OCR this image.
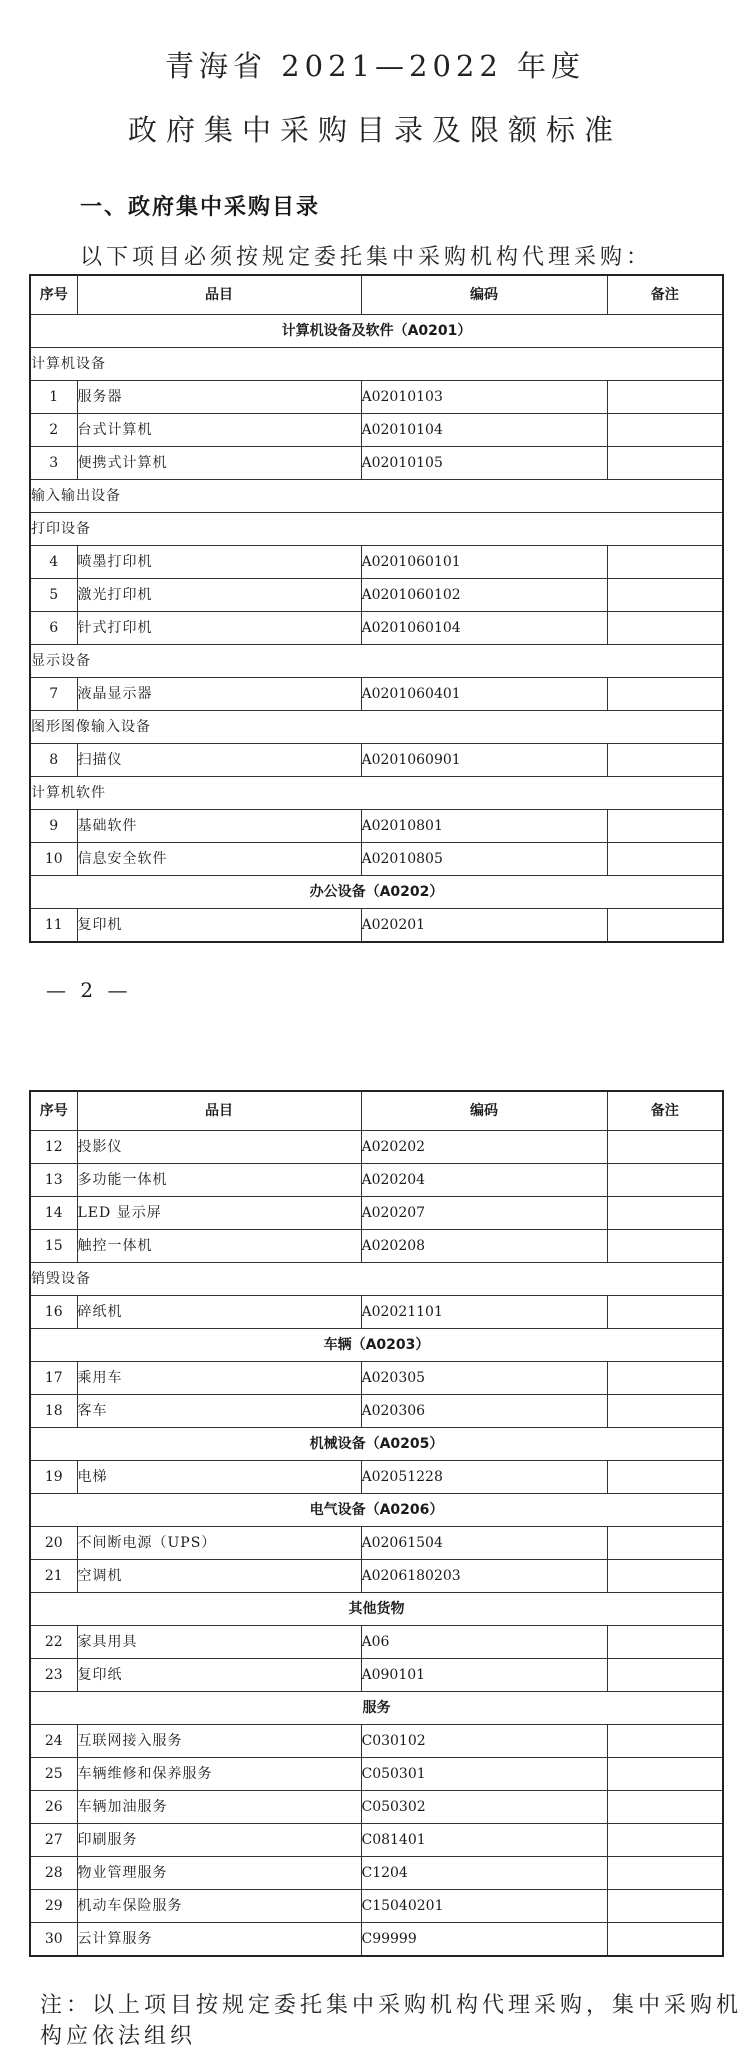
青海省 2021—2022 年度
政府集中采购目录及限额标准
一、政府集中采购目录
以下项目必须按规定委托集中采购机构代理采购：
序号	品目	编码	备注
计算机设备及软件（A0201）			
计算机设备			
1	服务器	A02010103	
2	台式计算机	A02010104	
3	便携式计算机	A02010105	
输入输出设备			
打印设备			
4	喷墨打印机	A0201060101	
5	激光打印机	A0201060102	
6	针式打印机	A0201060104	
显示设备			
7	液晶显示器	A0201060401	
图形图像输入设备			
8	扫描仪	A0201060901	
计算机软件			
9	基础软件	A02010801	
10	信息安全软件	A02010805	
办公设备（A0202）			
11	复印机	A020201	
— 2 —
序号	品目	编码	备注
12	投影仪	A020202	
13	多功能一体机	A020204	
14	LED 显示屏	A020207	
15	触控一体机	A020208	
销毁设备			
16	碎纸机	A02021101	
车辆（A0203）			
17	乘用车	A020305	
18	客车	A020306	
机械设备（A0205）			
19	电梯	A02051228	
电气设备（A0206）			
20	不间断电源（UPS）	A02061504	
21	空调机	A0206180203	
其他货物			
22	家具用具	A06	
23	复印纸	A090101	
服务			
24	互联网接入服务	C030102	
25	车辆维修和保养服务	C050301	
26	车辆加油服务	C050302	
27	印刷服务	C081401	
28	物业管理服务	C1204	
29	机动车保险服务	C15040201	
30	云计算服务	C99999	
注：以上项目按规定委托集中采购机构代理采购，集中采购机构应依法组织
